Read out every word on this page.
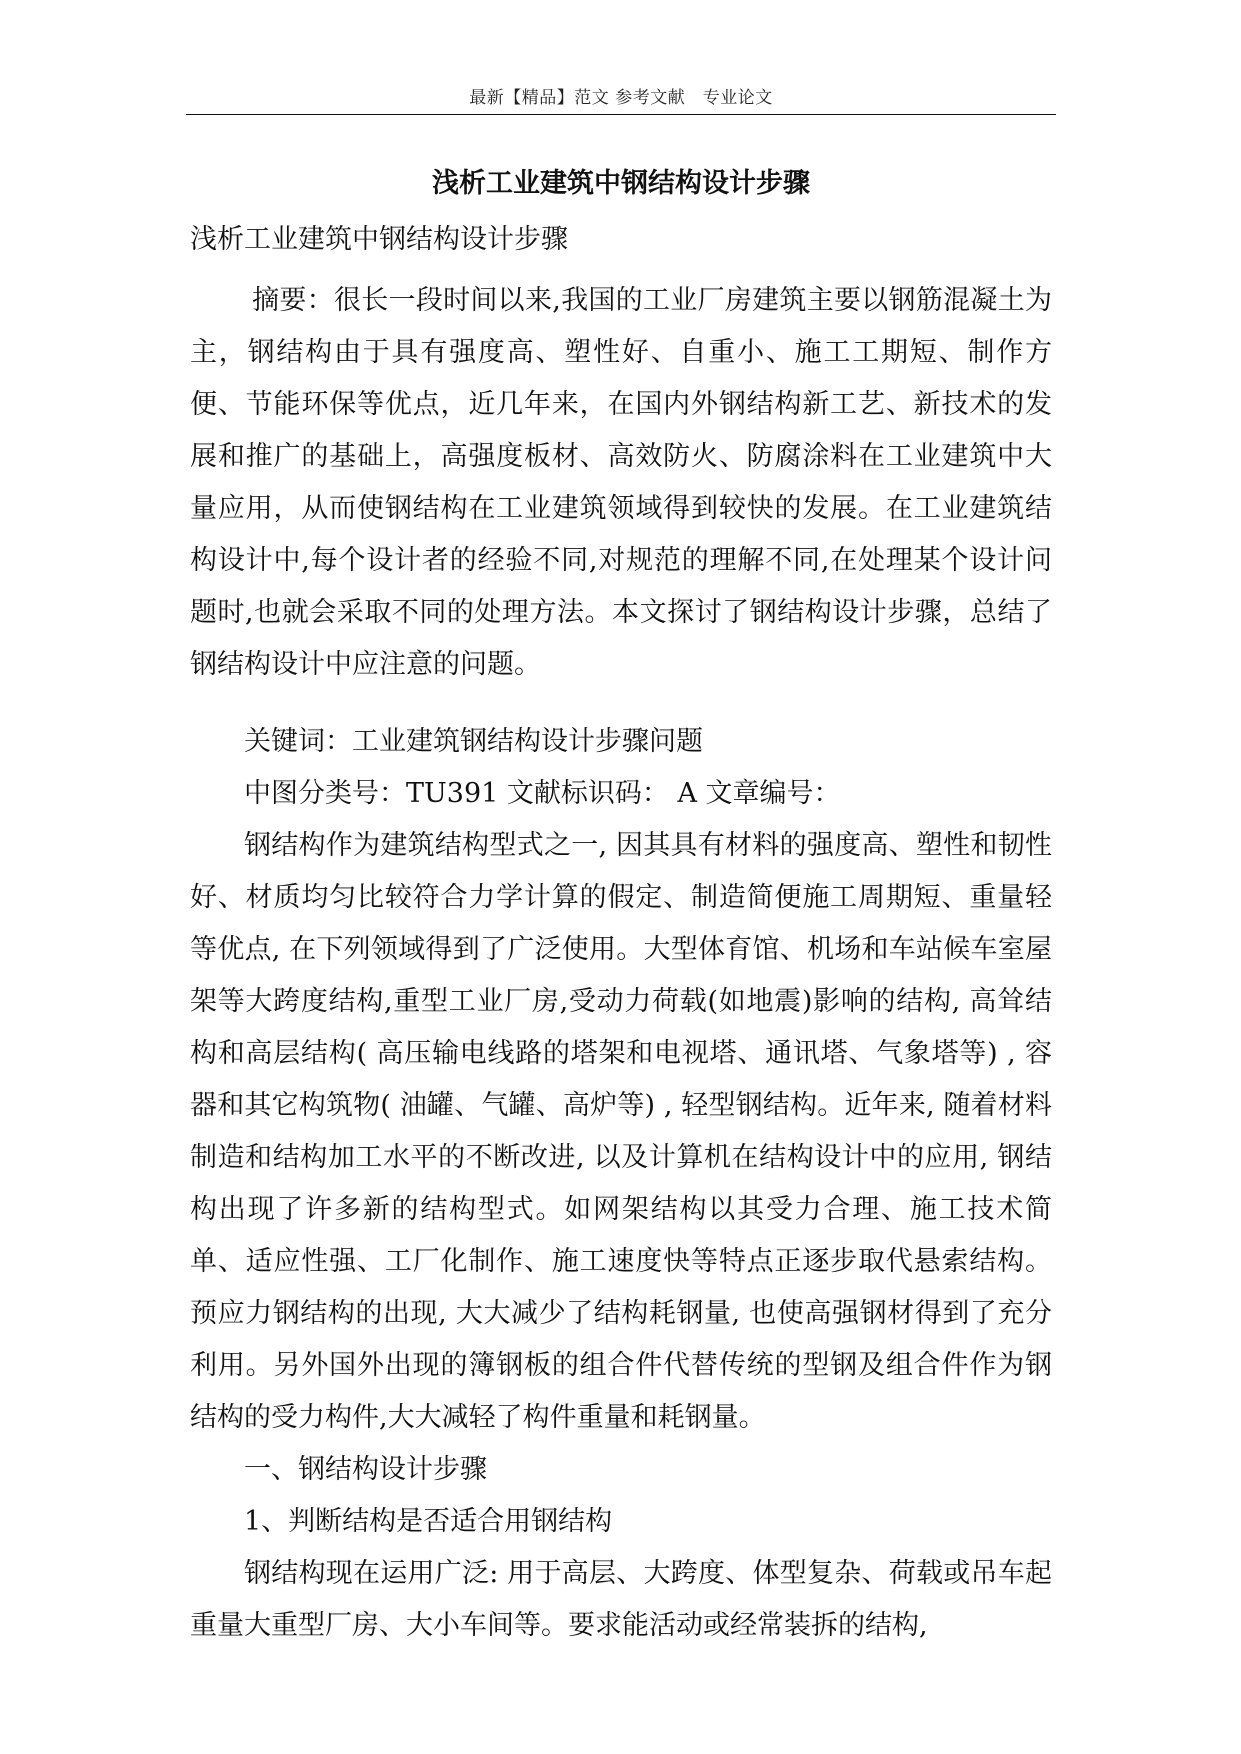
最新【精品】范文 参考文献　专业论文
浅析工业建筑中钢结构设计步骤
浅析工业建筑中钢结构设计步骤

摘要：很长一段时间以来,我国的工业厂房建筑主要以钢筋混凝土为主，钢结构由于具有强度高、塑性好、自重小、施工工期短、制作方便、节能环保等优点，近几年来，在国内外钢结构新工艺、新技术的发展和推广的基础上，高强度板材、高效防火、防腐涂料在工业建筑中大量应用，从而使钢结构在工业建筑领域得到较快的发展。在工业建筑结构设计中,每个设计者的经验不同,对规范的理解不同,在处理某个设计问题时,也就会采取不同的处理方法。本文探讨了钢结构设计步骤，总结了钢结构设计中应注意的问题。

关键词：工业建筑钢结构设计步骤问题

中图分类号：TU391 文献标识码： A 文章编号：

钢结构作为建筑结构型式之一, 因其具有材料的强度高、塑性和韧性好、材质均匀比较符合力学计算的假定、制造简便施工周期短、重量轻等优点, 在下列领域得到了广泛使用。大型体育馆、机场和车站候车室屋架等大跨度结构,重型工业厂房,受动力荷载(如地震)影响的结构, 高耸结构和高层结构( 高压输电线路的塔架和电视塔、通讯塔、气象塔等) , 容器和其它构筑物( 油罐、气罐、高炉等) , 轻型钢结构。近年来, 随着材料制造和结构加工水平的不断改进, 以及计算机在结构设计中的应用, 钢结构出现了许多新的结构型式。如网架结构以其受力合理、施工技术简单、适应性强、工厂化制作、施工速度快等特点正逐步取代悬索结构。预应力钢结构的出现, 大大减少了结构耗钢量, 也使高强钢材得到了充分利用。另外国外出现的簿钢板的组合件代替传统的型钢及组合件作为钢结构的受力构件,大大减轻了构件重量和耗钢量。

一、钢结构设计步骤

1、判断结构是否适合用钢结构

钢结构现在运用广泛: 用于高层、大跨度、体型复杂、荷载或吊车起重量大重型厂房、大小车间等。要求能活动或经常装拆的结构,
